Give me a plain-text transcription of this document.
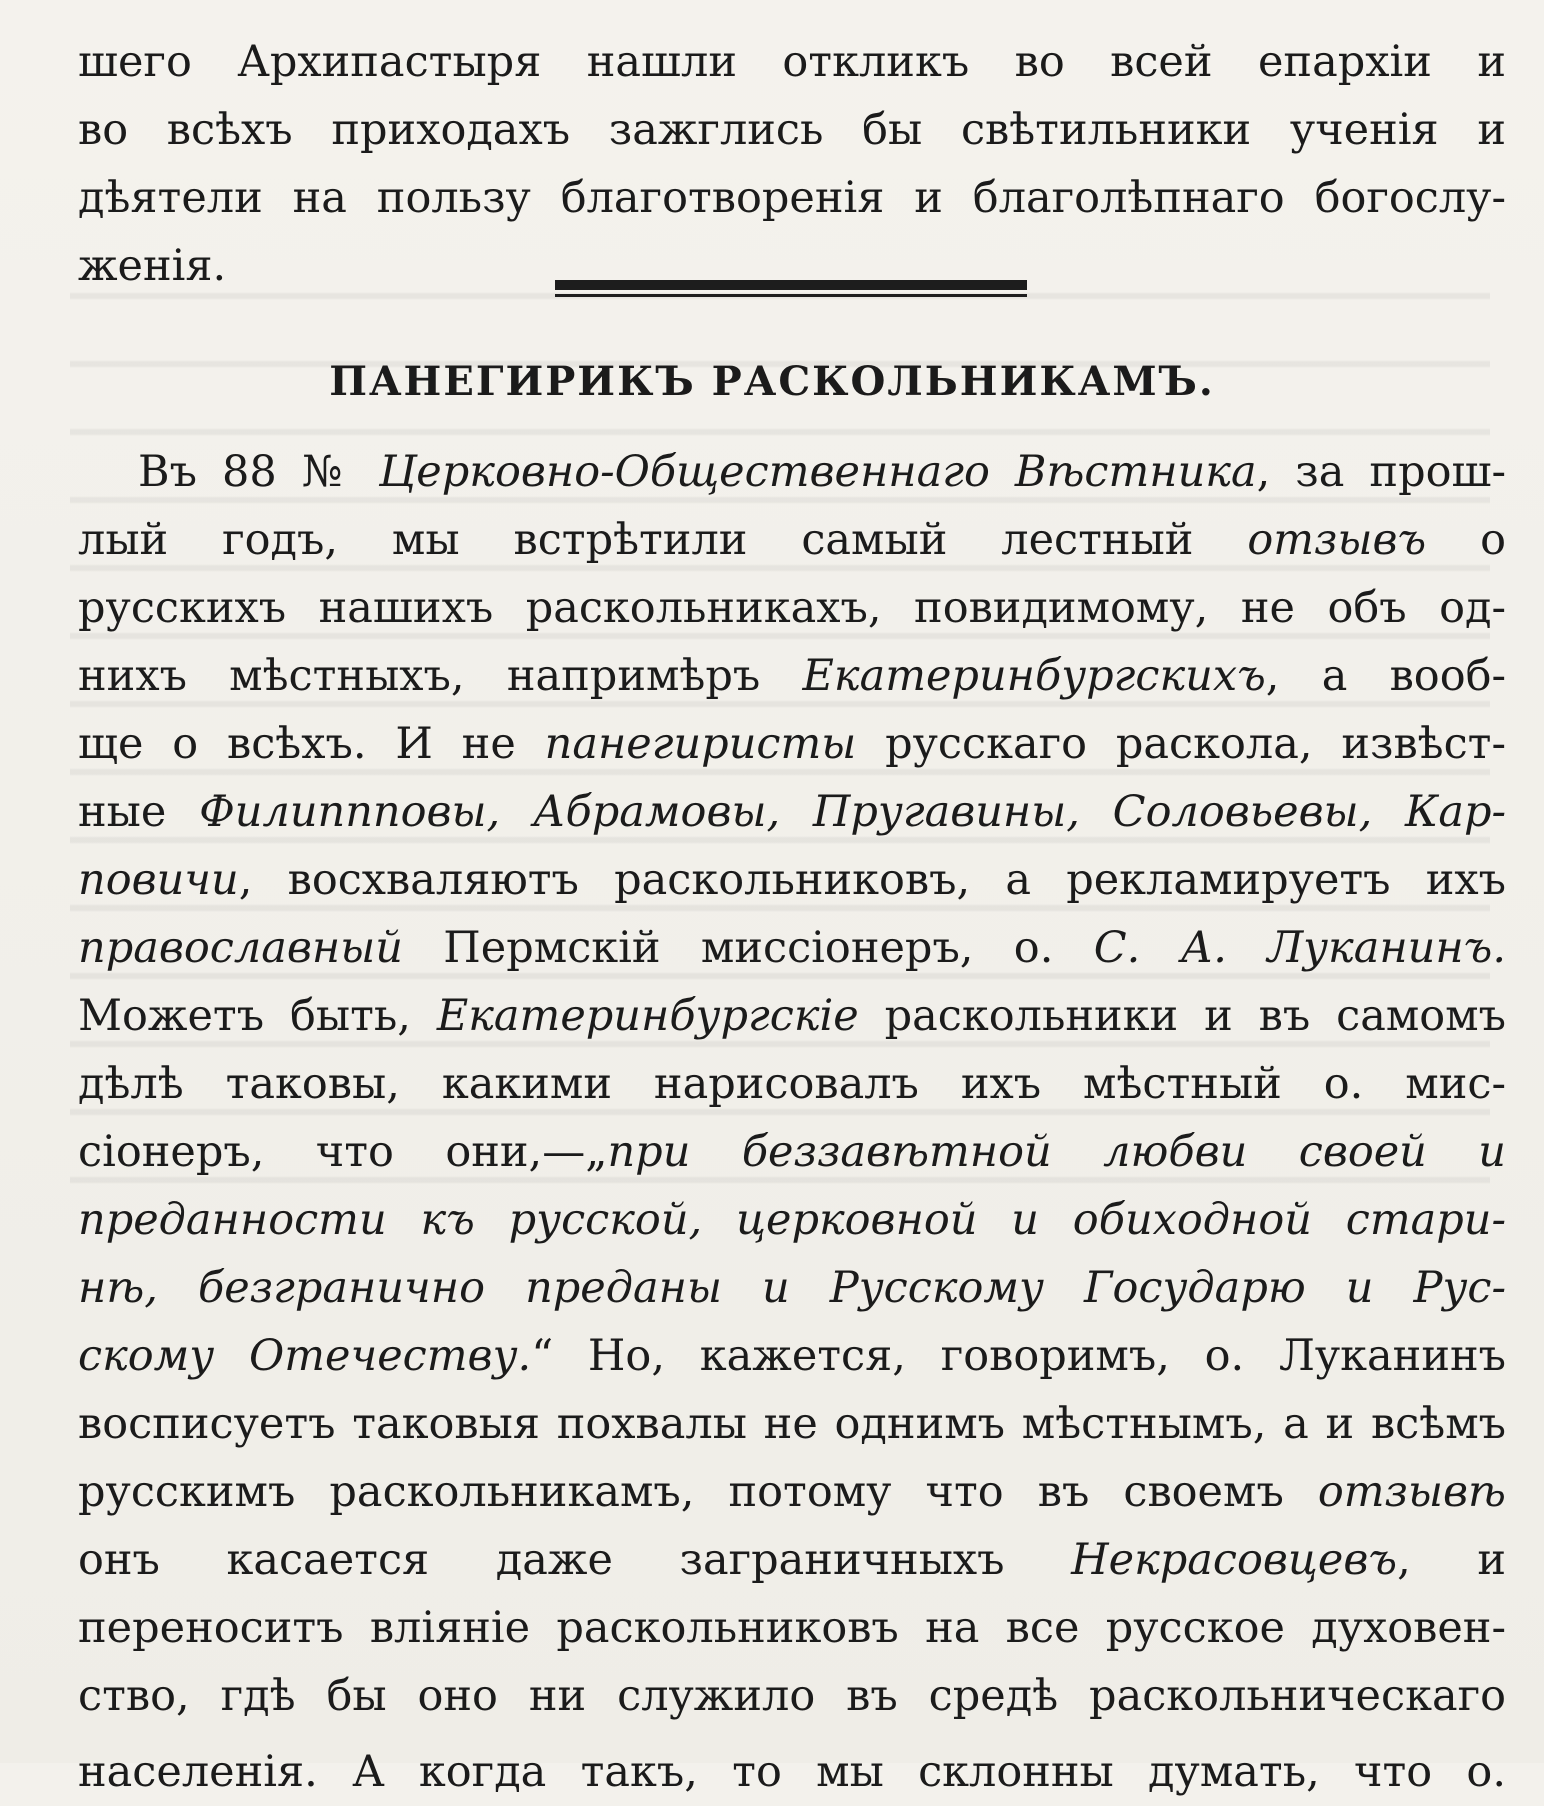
шего Архипастыря нашли откликъ во всей епархіи и
во всѣхъ приходахъ зажглись бы свѣтильники ученія и
дѣятели на пользу благотворенія и благолѣпнаго богослу-
женія.
ПАНЕГИРИКЪ РАСКОЛЬНИКАМЪ.
Въ 88 № Церковно-Общественнаго Вѣстника, за прош-
лый годъ, мы встрѣтили самый лестный отзывъ о
русскихъ нашихъ раскольникахъ, повидимому, не объ од-
нихъ мѣстныхъ, напримѣръ Екатеринбургскихъ, а вооб-
ще о всѣхъ. И не панегиристы русскаго раскола, извѣст-
ные Филиппповы, Абрамовы, Пругавины, Соловьевы, Кар-
повичи, восхваляютъ раскольниковъ, а рекламируетъ ихъ
православный Пермскій миссіонеръ, о. С. А. Луканинъ.
Можетъ быть, Екатеринбургскіе раскольники и въ самомъ
дѣлѣ таковы, какими нарисовалъ ихъ мѣстный о. мис-
сіонеръ, что они,—„при беззавѣтной любви своей и
преданности къ русской, церковной и обиходной стари-
нѣ, безгранично преданы и Русскому Государю и Рус-
скому Отечеству.“ Но, кажется, говоримъ, о. Луканинъ
восписуетъ таковыя похвалы не однимъ мѣстнымъ, а и всѣмъ
русскимъ раскольникамъ, потому что въ своемъ отзывѣ
онъ касается даже заграничныхъ Некрасовцевъ, и
переноситъ вліяніе раскольниковъ на все русское духовен-
ство, гдѣ бы оно ни служило въ средѣ раскольническаго
населенія. А когда такъ, то мы склонны думать, что о.
